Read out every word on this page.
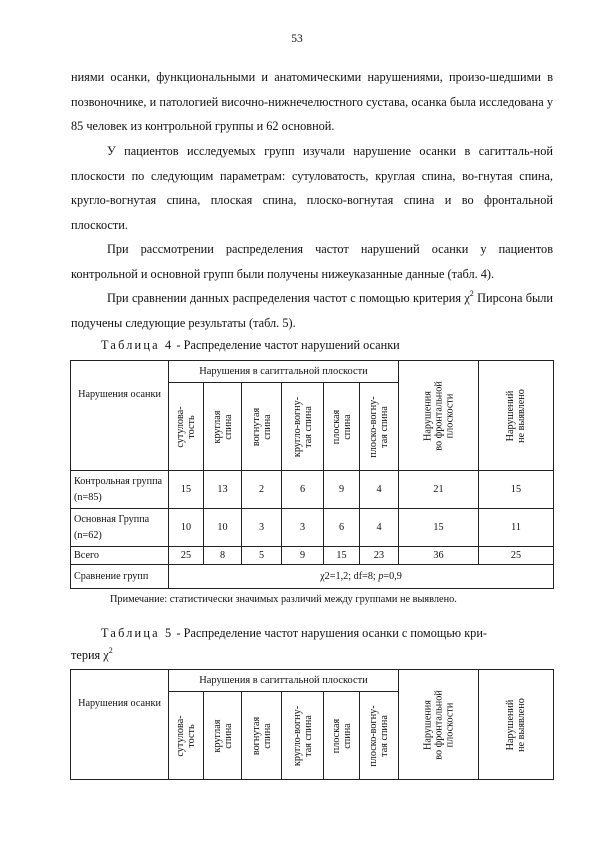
53

ниями осанки, функциональными и анатомическими нарушениями, произо-шедшими в позвоночнике, и патологией височно-нижнечелюстного сустава, осанка была исследована у 85 человек из контрольной группы и 62 основной.

У пациентов исследуемых групп изучали нарушение осанки в сагитталь-ной плоскости по следующим параметрам: сутуловатость, круглая спина, во-гнутая спина, кругло-вогнутая спина, плоская спина, плоско-вогнутая спина и во фронтальной плоскости.

При рассмотрении распределения частот нарушений осанки у пациентов контрольной и основной групп были получены нижеуказанные данные (табл. 4).

При сравнении данных распределения частот с помощью критерия $\chi^2$ Пирсона были подучены следующие результаты (табл. 5).

Таблица 4 - Распределение частот нарушений осанки
Нарушения осанки	Нарушения в сагиттальной плоскости						Нарушения
во фронтальной
плоскости	Нарушений
не выявлено

	сутулова-
тость	круглая
спина	вогнутая
спина	кругло-вогну-
тая спина	плоская
спина	плоско-вогну-
тая спина		

Контрольная группа (n=85)	15	13	2	6	9	4	21	15
Основная Группа (n=62)	10	10	3	3	6	4	15	11
Всего	25	8	5	9	15	23	36	25
Сравнение групп	χ2=1,2; df=8; p=0,9							
Примечание: статистически значимых различий между группами не выявлено.
Таблица 5 - Распределение частот нарушения осанки с помощью кри-
терия $\chi^2$
Нарушения осанки	Нарушения в сагиттальной плоскости						Нарушения
во фронтальной
плоскости	Нарушений
не выявлено

	сутулова-
тость	круглая
спина	вогнутая
спина	кругло-вогну-
тая спина	плоская
спина	плоско-вогну-
тая спина		
